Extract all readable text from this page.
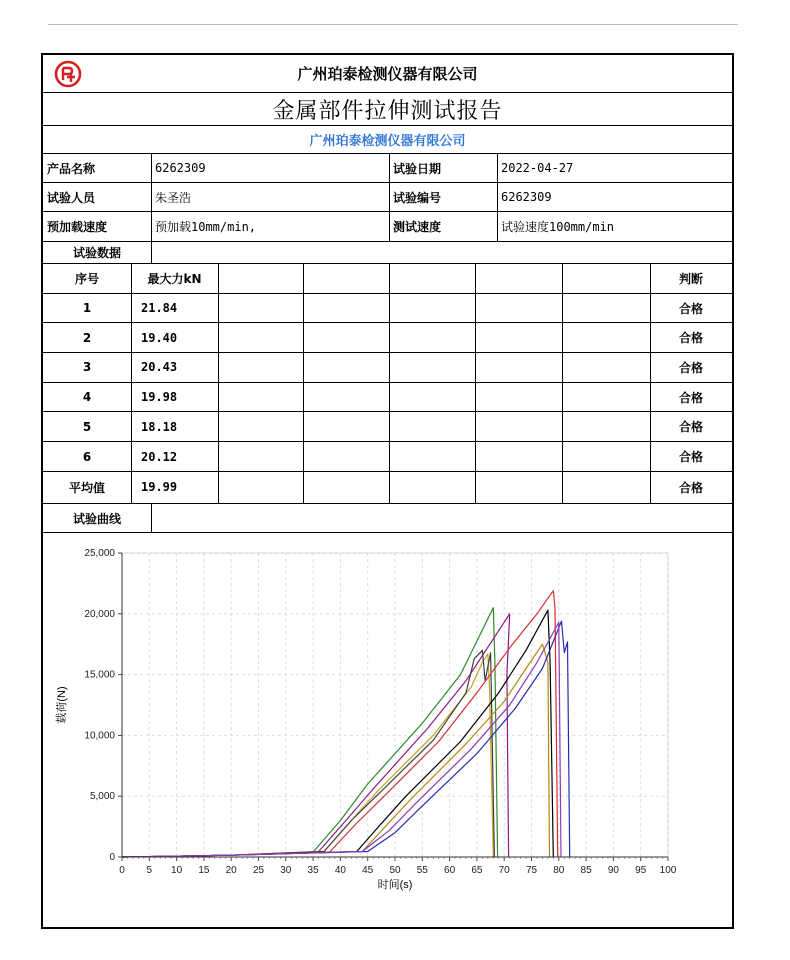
广州珀泰检测仪器有限公司
金属部件拉伸测试报告
广州珀泰检测仪器有限公司
产品名称	6262309	试验日期	2022-04-27
试验人员	朱圣浩	试验编号	6262309
预加载速度	预加载10mm/min,	测试速度	试验速度100mm/min
试验数据
序号	最大力kN	判断
1	21.84	合格
2	19.40	合格
3	20.43	合格
4	19.98	合格
5	18.18	合格
6	20.12	合格
平均值	19.99	合格
试验曲线
0 5 10 15 20 25 30 35 40 45 50 55 60 65 70 75 80 85 90 95 100
0
5,000
10,000
15,000
20,000
25,000
时间(s)
载荷(N)
